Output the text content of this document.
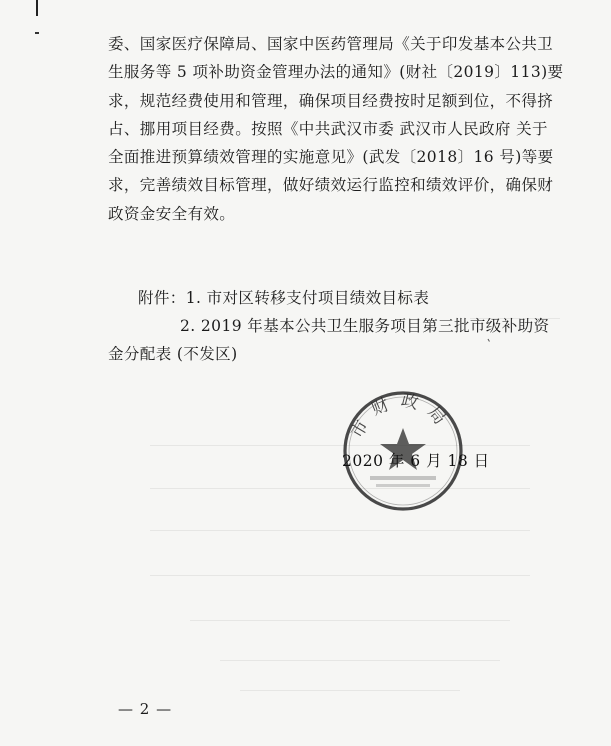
委、国家医疗保障局、国家中医药管理局《关于印发基本公共卫
生服务等 5 项补助资金管理办法的通知》(财社〔2019〕113)要
求，规范经费使用和管理，确保项目经费按时足额到位，不得挤
占、挪用项目经费。按照《中共武汉市委 武汉市人民政府 关于
全面推进预算绩效管理的实施意见》(武发〔2018〕16 号)等要
求，完善绩效目标管理，做好绩效运行监控和绩效评价，确保财
政资金安全有效。
附件：1. 市对区转移支付项目绩效目标表
2. 2019 年基本公共卫生服务项目第三批市级补助资
金分配表 (不发区)
市财政局
2020 年 6 月 18 日
— 2 —
